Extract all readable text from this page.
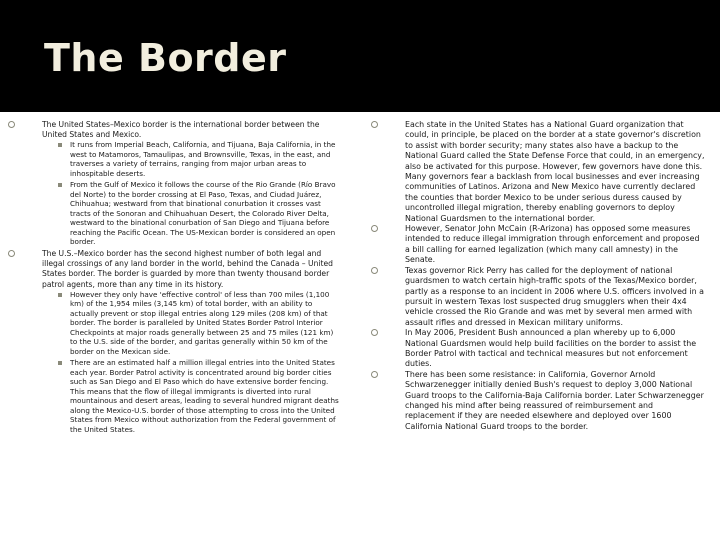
The Border
The United States–Mexico border is the international border between the United States and Mexico.
It runs from Imperial Beach, California, and Tijuana, Baja California, in the west to Matamoros, Tamaulipas, and Brownsville, Texas, in the east, and traverses a variety of terrains, ranging from major urban areas to inhospitable deserts.
From the Gulf of Mexico it follows the course of the Rio Grande (Río Bravo del Norte) to the border crossing at El Paso, Texas, and Ciudad Juárez, Chihuahua; westward from that binational conurbation it crosses vast tracts of the Sonoran and Chihuahuan Desert, the Colorado River Delta, westward to the binational conurbation of San Diego and Tijuana before reaching the Pacific Ocean. The US-Mexican border is considered an open border.
The U.S.–Mexico border has the second highest number of both legal and illegal crossings of any land border in the world, behind the Canada – United States border. The border is guarded by more than twenty thousand border patrol agents, more than any time in its history.
However they only have 'effective control' of less than 700 miles (1,100 km) of the 1,954 miles (3,145 km) of total border, with an ability to actually prevent or stop illegal entries along 129 miles (208 km) of that border. The border is paralleled by United States Border Patrol Interior Checkpoints at major roads generally between 25 and 75 miles (121 km) to the U.S. side of the border, and garitas generally within 50 km of the border on the Mexican side.
There are an estimated half a million illegal entries into the United States each year. Border Patrol activity is concentrated around big border cities such as San Diego and El Paso which do have extensive border fencing. This means that the flow of illegal immigrants is diverted into rural mountainous and desert areas, leading to several hundred migrant deaths along the Mexico-U.S. border of those attempting to cross into the United States from Mexico without authorization from the Federal government of the United States.
Each state in the United States has a National Guard organization that could, in principle, be placed on the border at a state governor's discretion to assist with border security; many states also have a backup to the National Guard called the State Defense Force that could, in an emergency, also be activated for this purpose. However, few governors have done this. Many governors fear a backlash from local businesses and ever increasing communities of Latinos. Arizona and New Mexico have currently declared the counties that border Mexico to be under serious duress caused by uncontrolled illegal migration, thereby enabling governors to deploy National Guardsmen to the international border.
However, Senator John McCain (R-Arizona) has opposed some measures intended to reduce illegal immigration through enforcement and proposed a bill calling for earned legalization (which many call amnesty) in the Senate.
Texas governor Rick Perry has called for the deployment of national guardsmen to watch certain high-traffic spots of the Texas/Mexico border, partly as a response to an incident in 2006 where U.S. officers involved in a pursuit in western Texas lost suspected drug smugglers when their 4x4 vehicle crossed the Rio Grande and was met by several men armed with assault rifles and dressed in Mexican military uniforms.
In May 2006, President Bush announced a plan whereby up to 6,000 National Guardsmen would help build facilities on the border to assist the Border Patrol with tactical and technical measures but not enforcement duties.
There has been some resistance: in California, Governor Arnold Schwarzenegger initially denied Bush's request to deploy 3,000 National Guard troops to the California-Baja California border. Later Schwarzenegger changed his mind after being reassured of reimbursement and replacement if they are needed elsewhere and deployed over 1600 California National Guard troops to the border.
